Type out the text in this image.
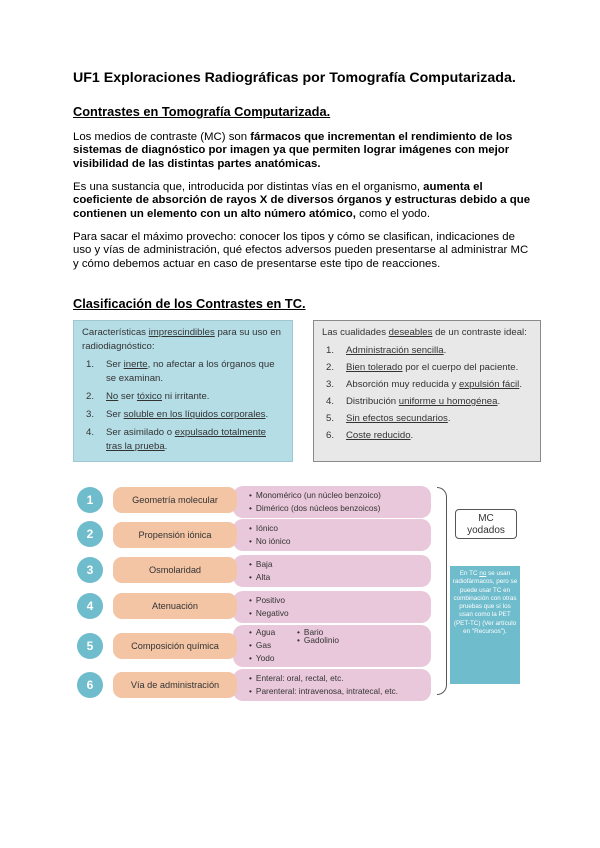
UF1 Exploraciones Radiográficas por Tomografía Computarizada.
Contrastes en Tomografía Computarizada.
Los medios de contraste (MC) son fármacos que incrementan el rendimiento de los sistemas de diagnóstico por imagen ya que permiten lograr imágenes con mejor visibilidad de las distintas partes anatómicas.
Es una sustancia que, introducida por distintas vías en el organismo, aumenta el coeficiente de absorción de rayos X de diversos órganos y estructuras debido a que contienen un elemento con un alto número atómico, como el yodo.
Para sacar el máximo provecho: conocer los tipos y cómo se clasifican, indicaciones de uso y vías de administración, qué efectos adversos pueden presentarse al administrar MC y cómo debemos actuar en caso de presentarse este tipo de reacciones.
Clasificación de los Contrastes en TC.
Características imprescindibles para su uso en radiodiagnóstico:
1. Ser inerte, no afectar a los órganos que se examinan.
2. No ser tóxico ni irritante.
3. Ser soluble en los líquidos corporales.
4. Ser asimilado o expulsado totalmente tras la prueba.
Las cualidades deseables de un contraste ideal:
1. Administración sencilla.
2. Bien tolerado por el cuerpo del paciente.
3. Absorción muy reducida y expulsión fácil.
4. Distribución uniforme u homogénea.
5. Sin efectos secundarios.
6. Coste reducido.
1	• Monomérico (un núcleo benzoico)
• Dimérico (dos núcleos benzoicos)
Geometría molecular
2	• Iónico
• No iónico
Propensión iónica
3	• Baja
• Alta
Osmolaridad
4	• Positivo
• Negativo
Atenuación
5
• Agua
• Gas
• Yodo
• Bario
• Gadolinio
Composición química
6	• Enteral: oral, rectal, etc.
• Parenteral: intravenosa, intratecal, etc.
Vía de administración
MC
yodados
En TC no se usan radiofármacos, pero se puede usar TC en combinación con otras pruebas que sí los usan como la PET (PET-TC) (Ver artículo en "Recursos").
